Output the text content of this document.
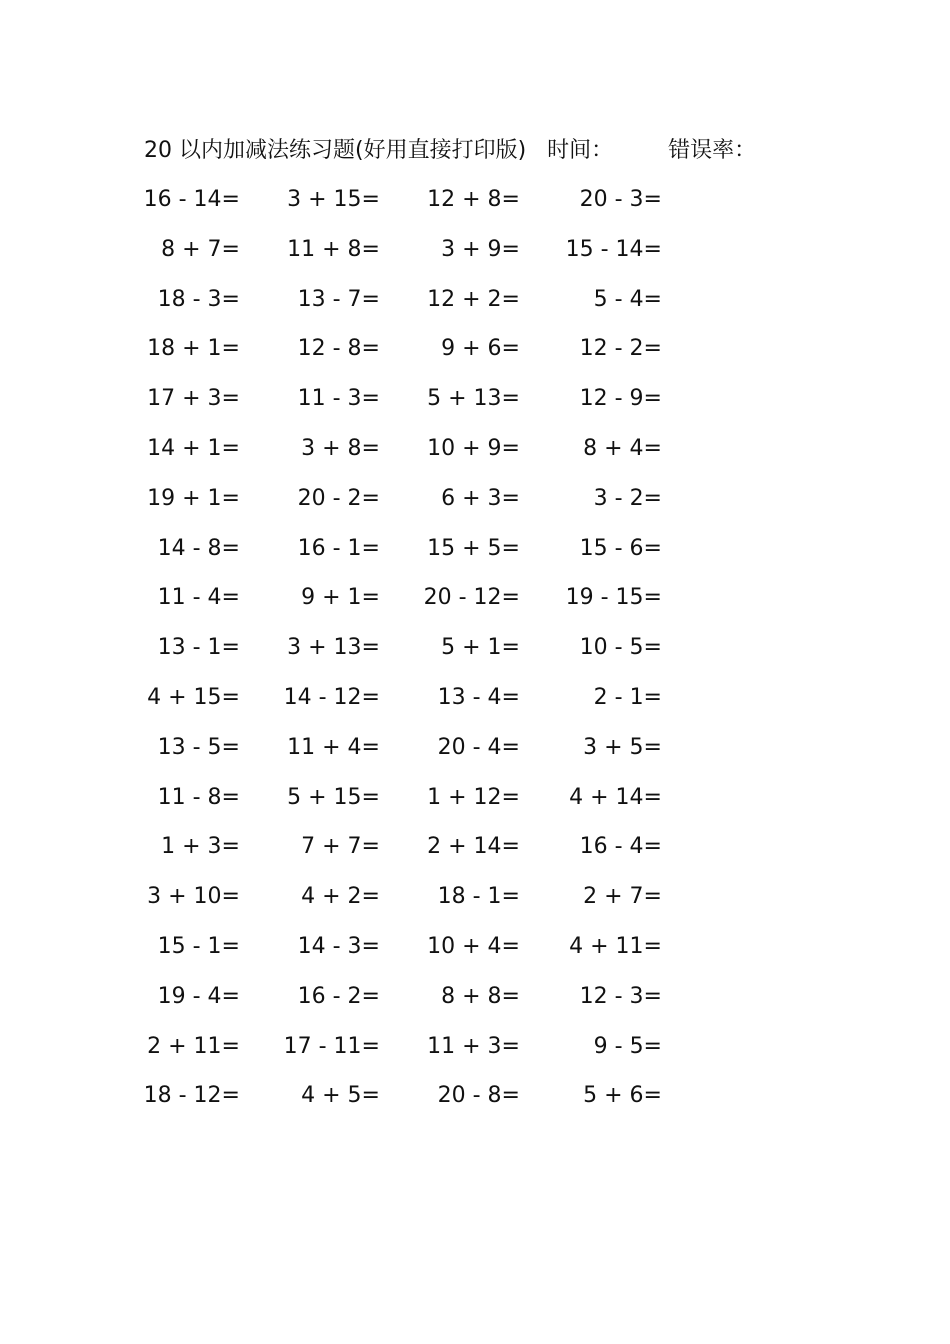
20 以内加减法练习题(好用直接打印版) 时间：	错误率：
16 - 14=	3 + 15=	12 + 8=	20 - 3=
8 + 7=	11 + 8=	3 + 9=	15 - 14=
18 - 3=	13 - 7=	12 + 2=	5 - 4=
18 + 1=	12 - 8=	9 + 6=	12 - 2=
17 + 3=	11 - 3=	5 + 13=	12 - 9=
14 + 1=	3 + 8=	10 + 9=	8 + 4=
19 + 1=	20 - 2=	6 + 3=	3 - 2=
14 - 8=	16 - 1=	15 + 5=	15 - 6=
11 - 4=	9 + 1=	20 - 12=	19 - 15=
13 - 1=	3 + 13=	5 + 1=	10 - 5=
4 + 15=	14 - 12=	13 - 4=	2 - 1=
13 - 5=	11 + 4=	20 - 4=	3 + 5=
11 - 8=	5 + 15=	1 + 12=	4 + 14=
1 + 3=	7 + 7=	2 + 14=	16 - 4=
3 + 10=	4 + 2=	18 - 1=	2 + 7=
15 - 1=	14 - 3=	10 + 4=	4 + 11=
19 - 4=	16 - 2=	8 + 8=	12 - 3=
2 + 11=	17 - 11=	11 + 3=	9 - 5=
18 - 12=	4 + 5=	20 - 8=	5 + 6=
